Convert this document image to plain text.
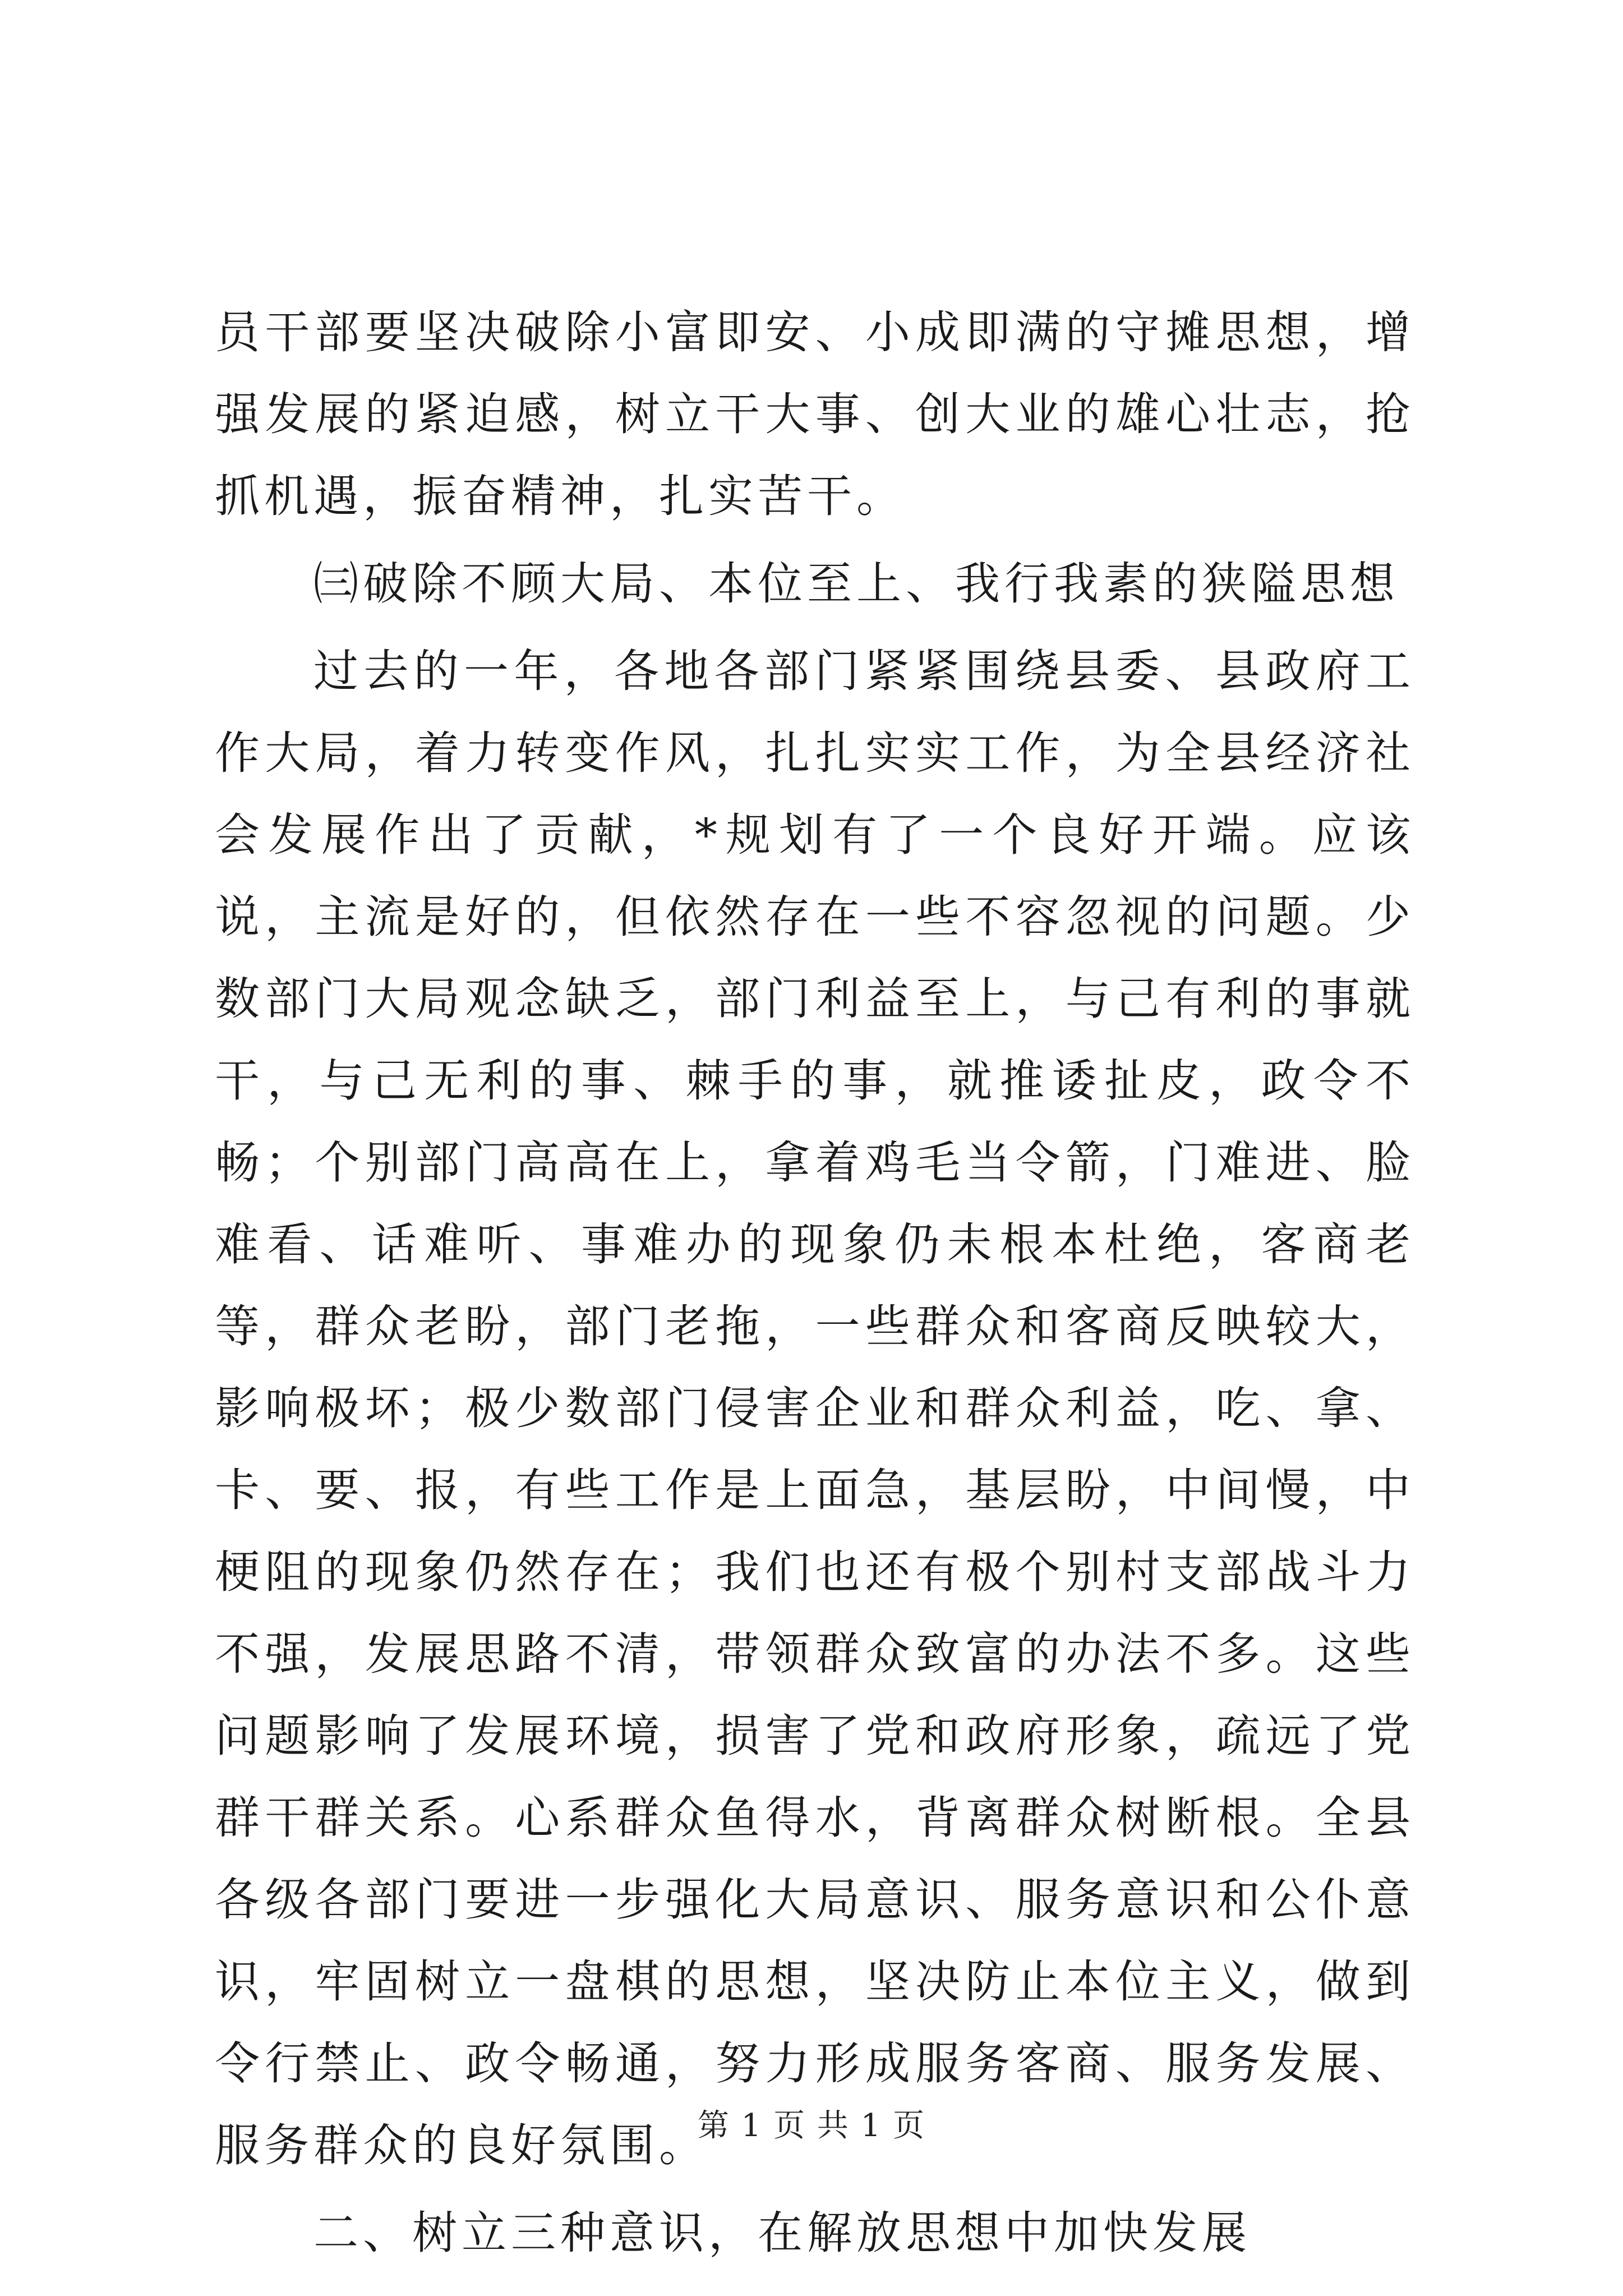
员干部要坚决破除小富即安、小成即满的守摊思想，增强发展的紧迫感，树立干大事、创大业的雄心壮志，抢抓机遇，振奋精神，扎实苦干。

㈢破除不顾大局、本位至上、我行我素的狭隘思想

过去的一年，各地各部门紧紧围绕县委、县政府工作大局，着力转变作风，扎扎实实工作，为全县经济社会发展作出了贡献，*规划有了一个良好开端。应该说，主流是好的，但依然存在一些不容忽视的问题。少数部门大局观念缺乏，部门利益至上，与己有利的事就干，与己无利的事、棘手的事，就推诿扯皮，政令不畅；个别部门高高在上，拿着鸡毛当令箭，门难进、脸难看、话难听、事难办的现象仍未根本杜绝，客商老等，群众老盼，部门老拖，一些群众和客商反映较大，影响极坏；极少数部门侵害企业和群众利益，吃、拿、卡、要、报，有些工作是上面急，基层盼，中间慢，中梗阻的现象仍然存在；我们也还有极个别村支部战斗力不强，发展思路不清，带领群众致富的办法不多。这些问题影响了发展环境，损害了党和政府形象，疏远了党群干群关系。心系群众鱼得水，背离群众树断根。全县各级各部门要进一步强化大局意识、服务意识和公仆意识，牢固树立一盘棋的思想，坚决防止本位主义，做到令行禁止、政令畅通，努力形成服务客商、服务发展、服务群众的良好氛围。

二、树立三种意识，在解放思想中加快发展

第 1 页 共 1 页
